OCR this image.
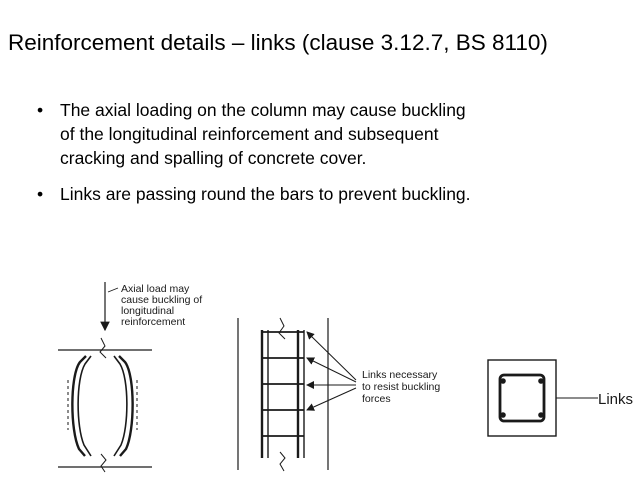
Reinforcement details – links (clause 3.12.7, BS 8110)
• The axial loading on the column may cause buckling
of the longitudinal reinforcement and subsequent
cracking and spalling of concrete cover.
• Links are passing round the bars to prevent buckling.
Axial load may
cause buckling of
longitudinal
reinforcement
Links necessary
to resist buckling
forces	Links
